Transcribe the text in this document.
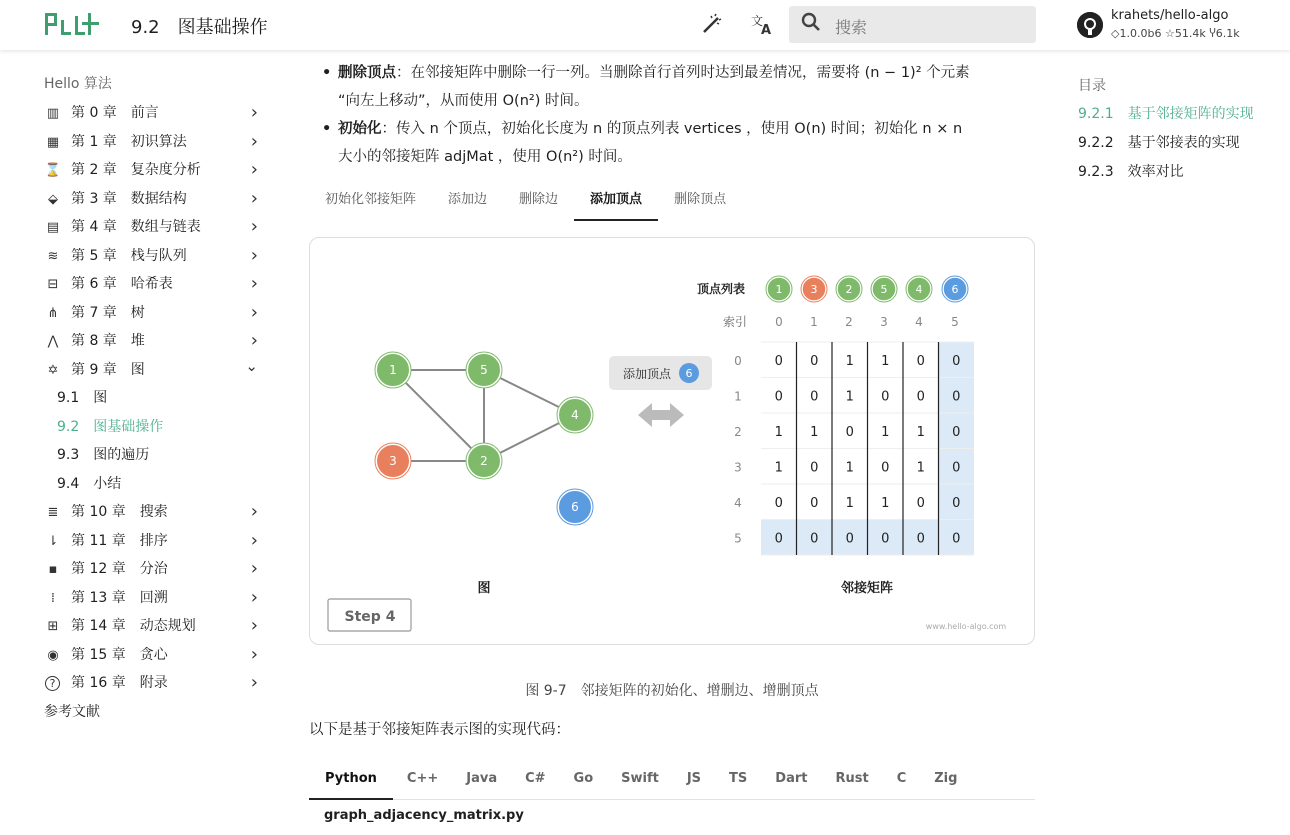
9.2　图基础操作	文
A	搜索
krahets/hello-algo
◇1.0.0b6 ☆51.4k Ⴤ6.1k
Hello 算法
▥ 第 0 章　前言	›
▦ 第 1 章　初识算法	›
⌛ 第 2 章　复杂度分析	›
⬙ 第 3 章　数据结构	›
▤ 第 4 章　数组与链表	›
≋ 第 5 章　栈与队列	›
⊟ 第 6 章　哈希表	›
⋔ 第 7 章　树	›
⋀ 第 8 章　堆	›
✡ 第 9 章　图	⌄
9.1　图
9.2　图基础操作
9.3　图的遍历
9.4　小结
≣ 第 10 章　搜索	›
⇂ 第 11 章　排序	›
▪ 第 12 章　分治	›
⁞ 第 13 章　回溯	›
⊞ 第 14 章　动态规划	›
◉ 第 15 章　贪心	›
? 第 16 章　附录	›
参考文献
• 删除顶点：在邻接矩阵中删除一行一列。当删除首行首列时达到最差情况，需要将 (n − 1)² 个元素
“向左上移动”，从而使用 O(n²) 时间。
• 初始化：传入 n 个顶点，初始化长度为 n 的顶点列表 vertices ，使用 O(n) 时间；初始化 n × n
大小的邻接矩阵 adjMat ，使用 O(n²) 时间。
初始化邻接矩阵 添加边 删除边 添加顶点 删除顶点
1	5
4
3	2
6
图
添加顶点 6
顶点列表	1	3	2	5	4	6
索引 0 1 2 3 4 5
0	0 0 1 1 0 0
1	0 0 1 0 0 0
2	1 1 0 1 1 0
3	1 0 1 0 1 0
4	0 0 1 1 0 0
5	0 0 0 0 0 0
邻接矩阵
Step 4
www.hello-algo.com
图 9-7　邻接矩阵的初始化、增删边、增删顶点
以下是基于邻接矩阵表示图的实现代码：
Python C++ Java C# Go Swift JS TS Dart Rust C Zig
graph_adjacency_matrix.py
目录
9.2.1　基于邻接矩阵的实现
9.2.2　基于邻接表的实现
9.2.3　效率对比
